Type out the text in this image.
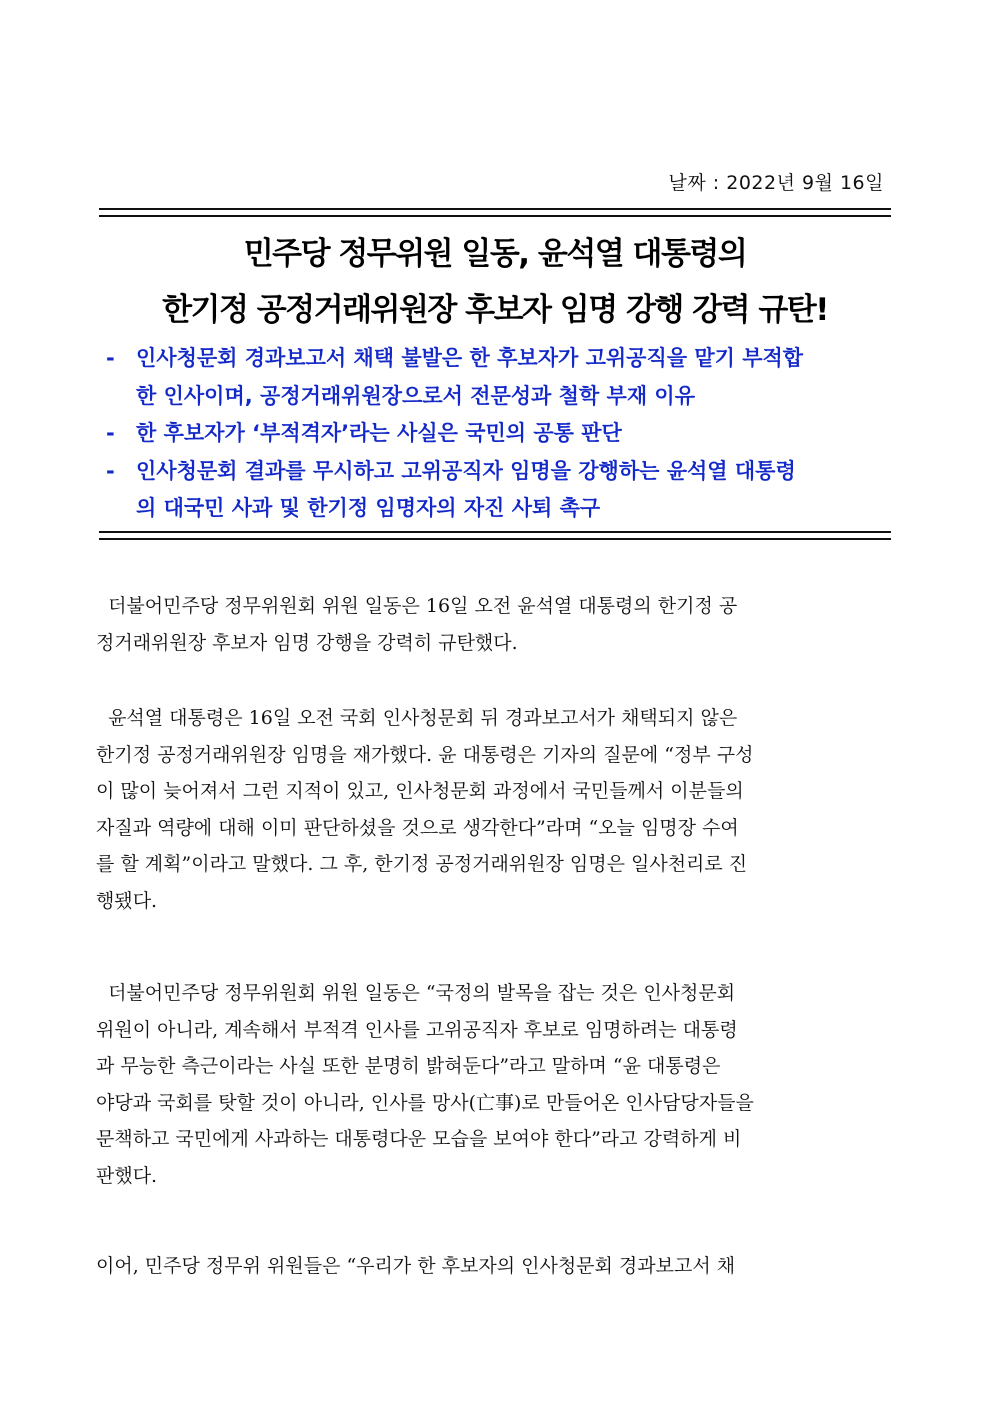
날짜 : 2022년 9월 16일
민주당 정무위원 일동, 윤석열 대통령의
한기정 공정거래위원장 후보자 임명 강행 강력 규탄!
- 인사청문회 경과보고서 채택 불발은 한 후보자가 고위공직을 맡기 부적합
한 인사이며, 공정거래위원장으로서 전문성과 철학 부재 이유
- 한 후보자가 ‘부적격자’라는 사실은 국민의 공통 판단
- 인사청문회 결과를 무시하고 고위공직자 임명을 강행하는 윤석열 대통령
의 대국민 사과 및 한기정 임명자의 자진 사퇴 촉구
더불어민주당 정무위원회 위원 일동은 16일 오전 윤석열 대통령의 한기정 공
정거래위원장 후보자 임명 강행을 강력히 규탄했다.
윤석열 대통령은 16일 오전 국회 인사청문회 뒤 경과보고서가 채택되지 않은
한기정 공정거래위원장 임명을 재가했다. 윤 대통령은 기자의 질문에 “정부 구성
이 많이 늦어져서 그런 지적이 있고, 인사청문회 과정에서 국민들께서 이분들의
자질과 역량에 대해 이미 판단하셨을 것으로 생각한다”라며 “오늘 임명장 수여
를 할 계획”이라고 말했다. 그 후, 한기정 공정거래위원장 임명은 일사천리로 진
행됐다.
더불어민주당 정무위원회 위원 일동은 “국정의 발목을 잡는 것은 인사청문회
위원이 아니라, 계속해서 부적격 인사를 고위공직자 후보로 임명하려는 대통령
과 무능한 측근이라는 사실 또한 분명히 밝혀둔다”라고 말하며 “윤 대통령은
야당과 국회를 탓할 것이 아니라, 인사를 망사(亡事)로 만들어온 인사담당자들을
문책하고 국민에게 사과하는 대통령다운 모습을 보여야 한다”라고 강력하게 비
판했다.
이어, 민주당 정무위 위원들은 “우리가 한 후보자의 인사청문회 경과보고서 채
